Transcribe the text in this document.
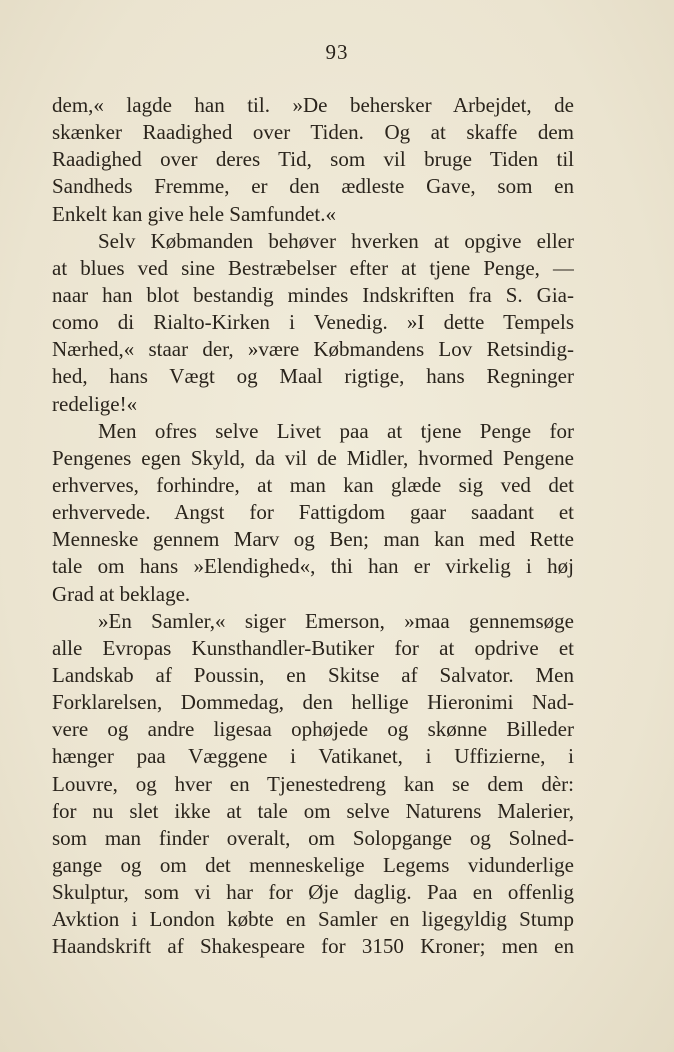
93
dem,« lagde han til. »De behersker Arbejdet, de
skænker Raadighed over Tiden. Og at skaffe dem
Raadighed over deres Tid, som vil bruge Tiden til
Sandheds Fremme, er den ædleste Gave, som en
Enkelt kan give hele Samfundet.«
Selv Købmanden behøver hverken at opgive eller
at blues ved sine Bestræbelser efter at tjene Penge, —
naar han blot bestandig mindes Indskriften fra S. Gia-
como di Rialto-Kirken i Venedig. »I dette Tempels
Nærhed,« staar der, »være Købmandens Lov Retsindig-
hed, hans Vægt og Maal rigtige, hans Regninger
redelige!«
Men ofres selve Livet paa at tjene Penge for
Pengenes egen Skyld, da vil de Midler, hvormed Pengene
erhverves, forhindre, at man kan glæde sig ved det
erhvervede. Angst for Fattigdom gaar saadant et
Menneske gennem Marv og Ben; man kan med Rette
tale om hans »Elendighed«, thi han er virkelig i høj
Grad at beklage.
»En Samler,« siger Emerson, »maa gennemsøge
alle Evropas Kunsthandler-Butiker for at opdrive et
Landskab af Poussin, en Skitse af Salvator. Men
Forklarelsen, Dommedag, den hellige Hieronimi Nad-
vere og andre ligesaa ophøjede og skønne Billeder
hænger paa Væggene i Vatikanet, i Uffizierne, i
Louvre, og hver en Tjenestedreng kan se dem dèr:
for nu slet ikke at tale om selve Naturens Malerier,
som man finder overalt, om Solopgange og Solned-
gange og om det menneskelige Legems vidunderlige
Skulptur, som vi har for Øje daglig. Paa en offenlig
Avktion i London købte en Samler en ligegyldig Stump
Haandskrift af Shakespeare for 3150 Kroner; men en
